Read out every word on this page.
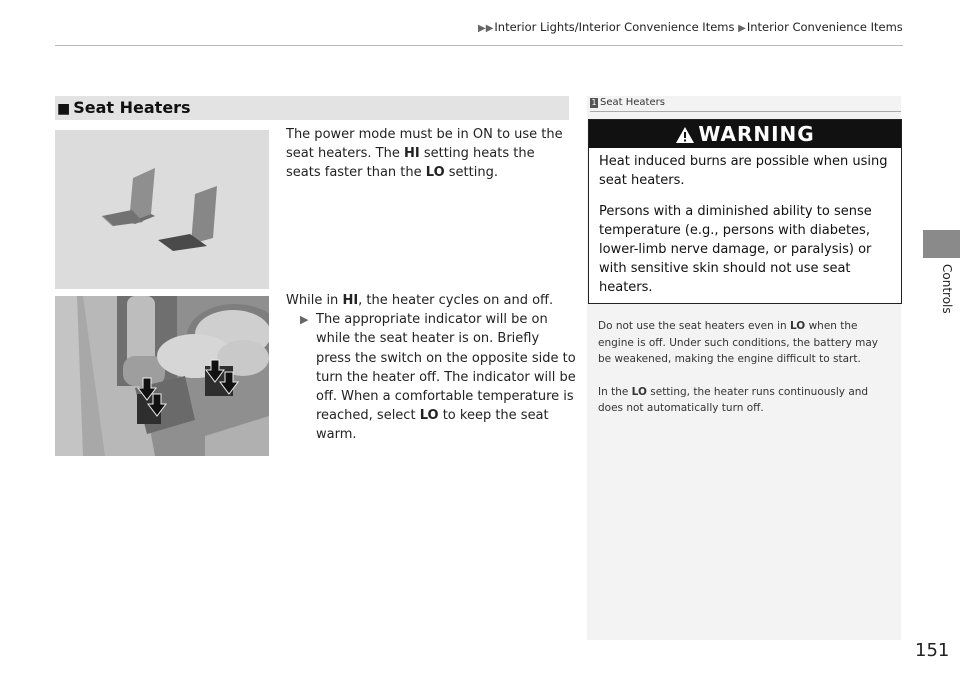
▶▶Interior Lights/Interior Convenience Items ▶Interior Convenience Items
Controls
■ Seat Heaters
The power mode must be in ON to use the seat heaters. The HI setting heats the seats faster than the LO setting.
While in HI, the heater cycles on and off.
▶ The appropriate indicator will be on while the seat heater is on. Briefly press the switch on the opposite side to turn the heater off. The indicator will be off. When a comfortable temperature is reached, select LO to keep the seat warm.
1 Seat Heaters
WARNING

Heat induced burns are possible when using seat heaters.

Persons with a diminished ability to sense temperature (e.g., persons with diabetes, lower-limb nerve damage, or paralysis) or with sensitive skin should not use seat heaters.

Do not use the seat heaters even in LO when the engine is off. Under such conditions, the battery may be weakened, making the engine difficult to start.

In the LO setting, the heater runs continuously and does not automatically turn off.

151
